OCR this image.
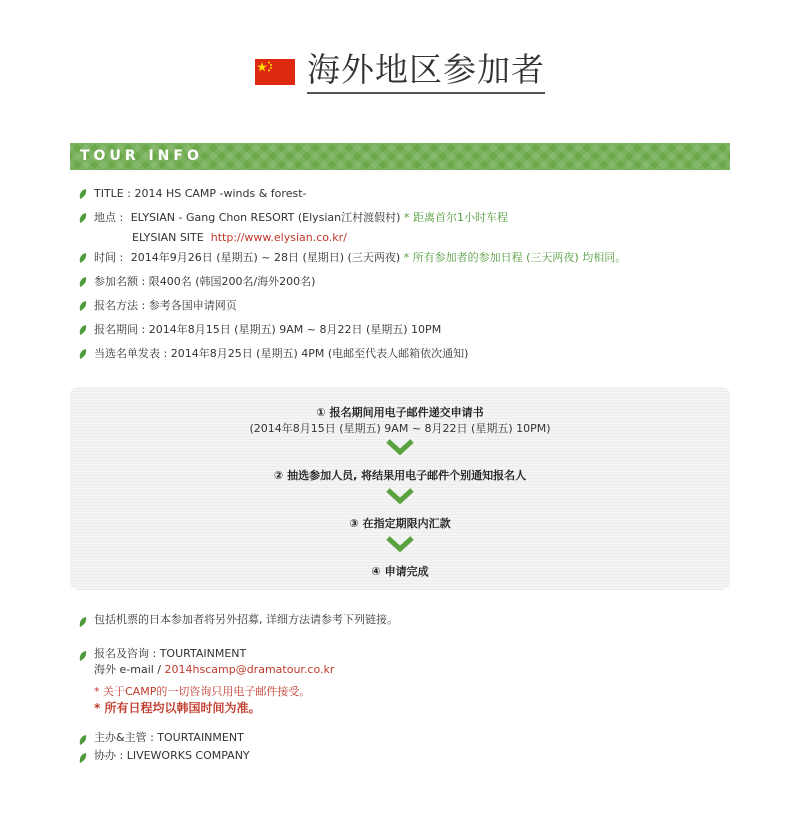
海外地区参加者
TOUR INFO
TITLE : 2014 HS CAMP -winds & forest-
地点 : ELYSIAN - Gang Chon RESORT (Elysian江村渡假村) * 距离首尔1小时车程
ELYSIAN SITE http://www.elysian.co.kr/
时间 : 2014年9月26日 (星期五) ~ 28日 (星期日) (三天两夜) * 所有参加者的参加日程 (三天两夜) 均相同。
参加名额 : 限400名 (韩国200名/海外200名)
报名方法 : 参考各国申请网页
报名期间 : 2014年8月15日 (星期五) 9AM ~ 8月22日 (星期五) 10PM
当选名单发表 : 2014年8月25日 (星期五) 4PM (电邮至代表人邮箱依次通知)
① 报名期间用电子邮件递交申请书
(2014年8月15日 (星期五) 9AM ~ 8月22日 (星期五) 10PM)
② 抽选参加人员, 将结果用电子邮件个别通知报名人
③ 在指定期限内汇款
④ 申请完成
包括机票的日本参加者将另外招募, 详细方法请参考下列链接。
报名及咨询 : TOURTAINMENT
海外 e-mail / 2014hscamp@dramatour.co.kr
* 关于CAMP的一切咨询只用电子邮件接受。
* 所有日程均以韩国时间为准。
主办&主管 : TOURTAINMENT
协办 : LIVEWORKS COMPANY
